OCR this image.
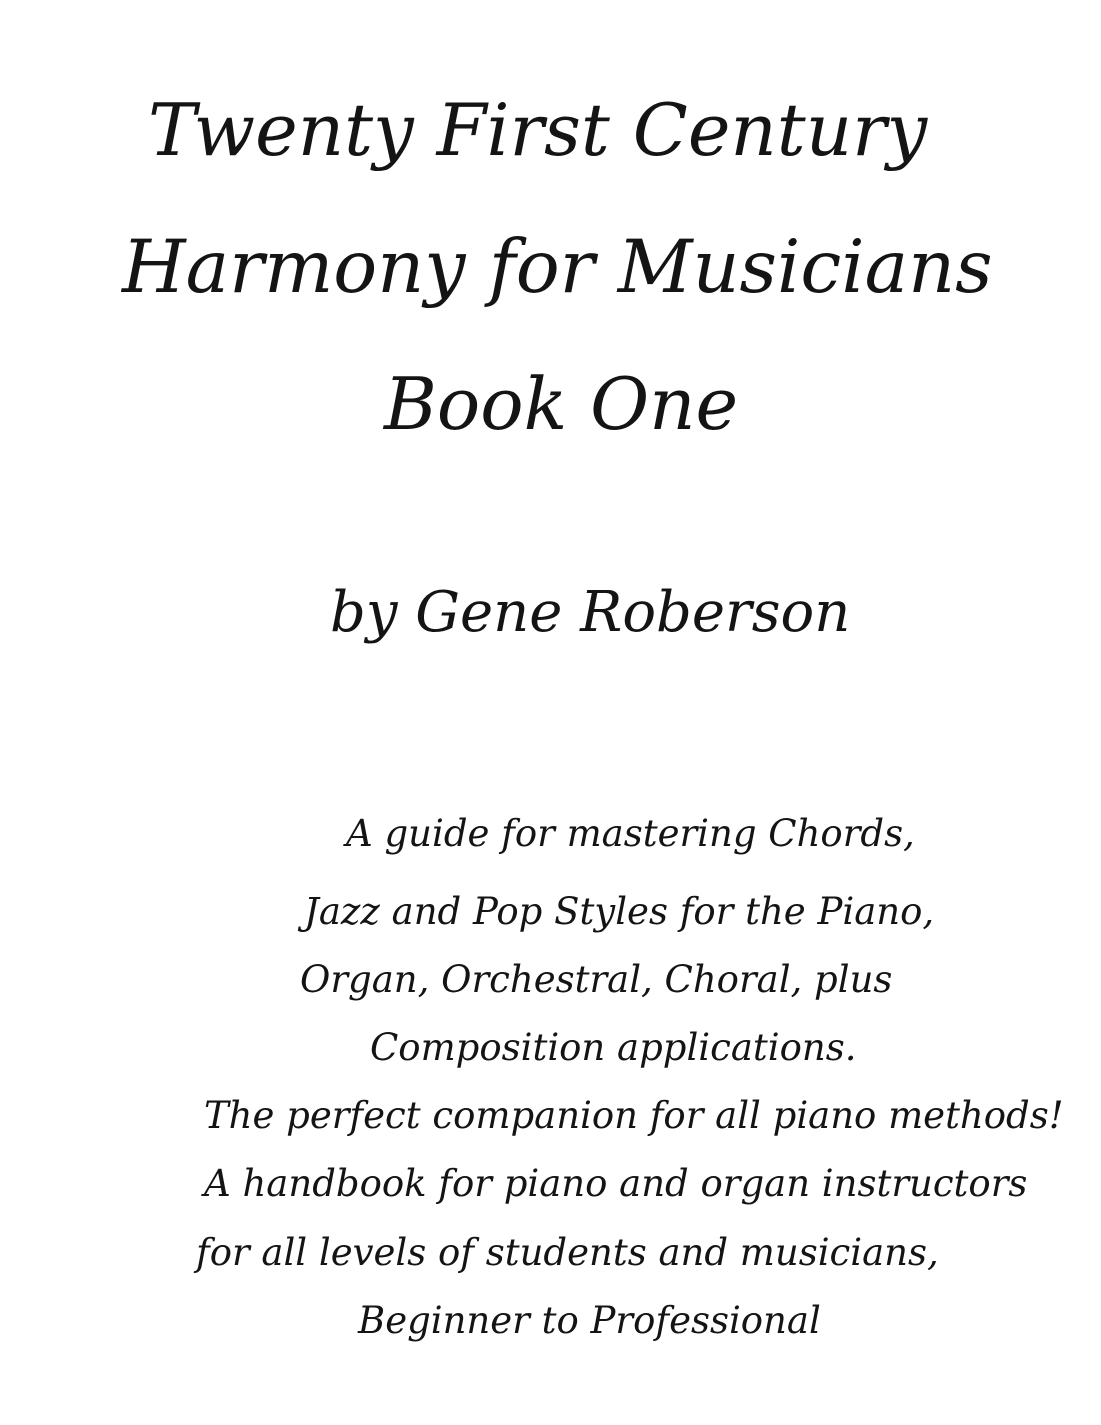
Twenty First Century
Harmony for Musicians
Book One
by Gene Roberson
A guide for mastering Chords,
Jazz and Pop Styles for the Piano,
Organ, Orchestral, Choral, plus
Composition applications.
The perfect companion for all piano methods!
A handbook for piano and organ instructors
for all levels of students and musicians,
Beginner to Professional
